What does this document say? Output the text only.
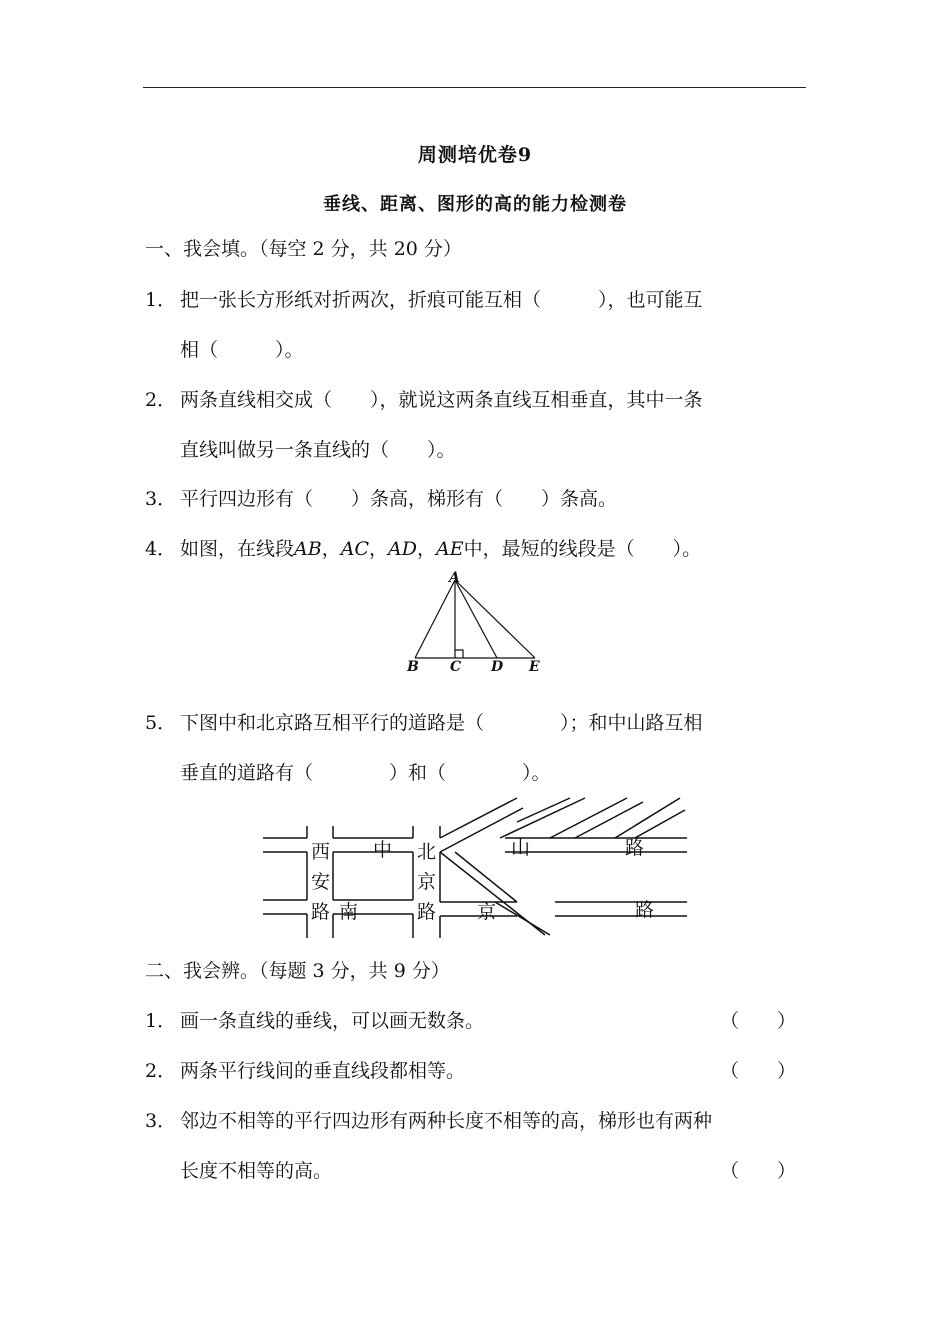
周测培优卷9
垂线、距离、图形的高的能力检测卷
一、我会填。（每空 2 分，共 20 分）
1． 把一张长方形纸对折两次，折痕可能互相（　　　），也可能互
相（　　　）。
2． 两条直线相交成（　　），就说这两条直线互相垂直，其中一条
直线叫做另一条直线的（　　）。
3． 平行四边形有（　　）条高，梯形有（　　）条高。
4． 如图，在线段AB，AC，AD，AE中，最短的线段是（　　）。
A
B C D E
5． 下图中和北京路互相平行的道路是（　　　　）；和中山路互相
垂直的道路有（　　　　）和（　　　　）。
西
安
路 南
中 北
京
路 京
山	路
路
二、我会辨。（每题 3 分，共 9 分）
1． 画一条直线的垂线，可以画无数条。	（　　）
2． 两条平行线间的垂直线段都相等。	（　　）
3． 邻边不相等的平行四边形有两种长度不相等的高，梯形也有两种
长度不相等的高。	（　　）
